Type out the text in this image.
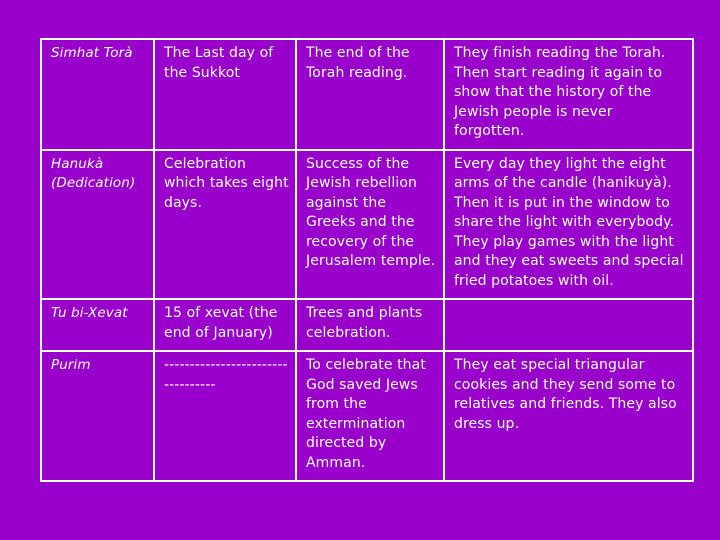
Simhat Torà	The Last day of the Sukkot	The end of the Torah reading.	They finish reading the Torah. Then start reading it again to show that the history of the Jewish people is never forgotten.
Hanukà (Dedication)	Celebration which takes eight days.	Success of the Jewish rebellion against the Greeks and the recovery of the Jerusalem temple.	Every day they light the eight arms of the candle (hanikuyà). Then it is put in the window to share the light with everybody. They play games with the light and they eat sweets and special fried potatoes with oil.
Tu bi-Xevat	15 of xevat (the end of January)	Trees and plants celebration.	
Purim	----------------------------------	To celebrate that God saved Jews from the extermination directed by Amman.	They eat special triangular cookies and they send some to relatives and friends. They also dress up.
